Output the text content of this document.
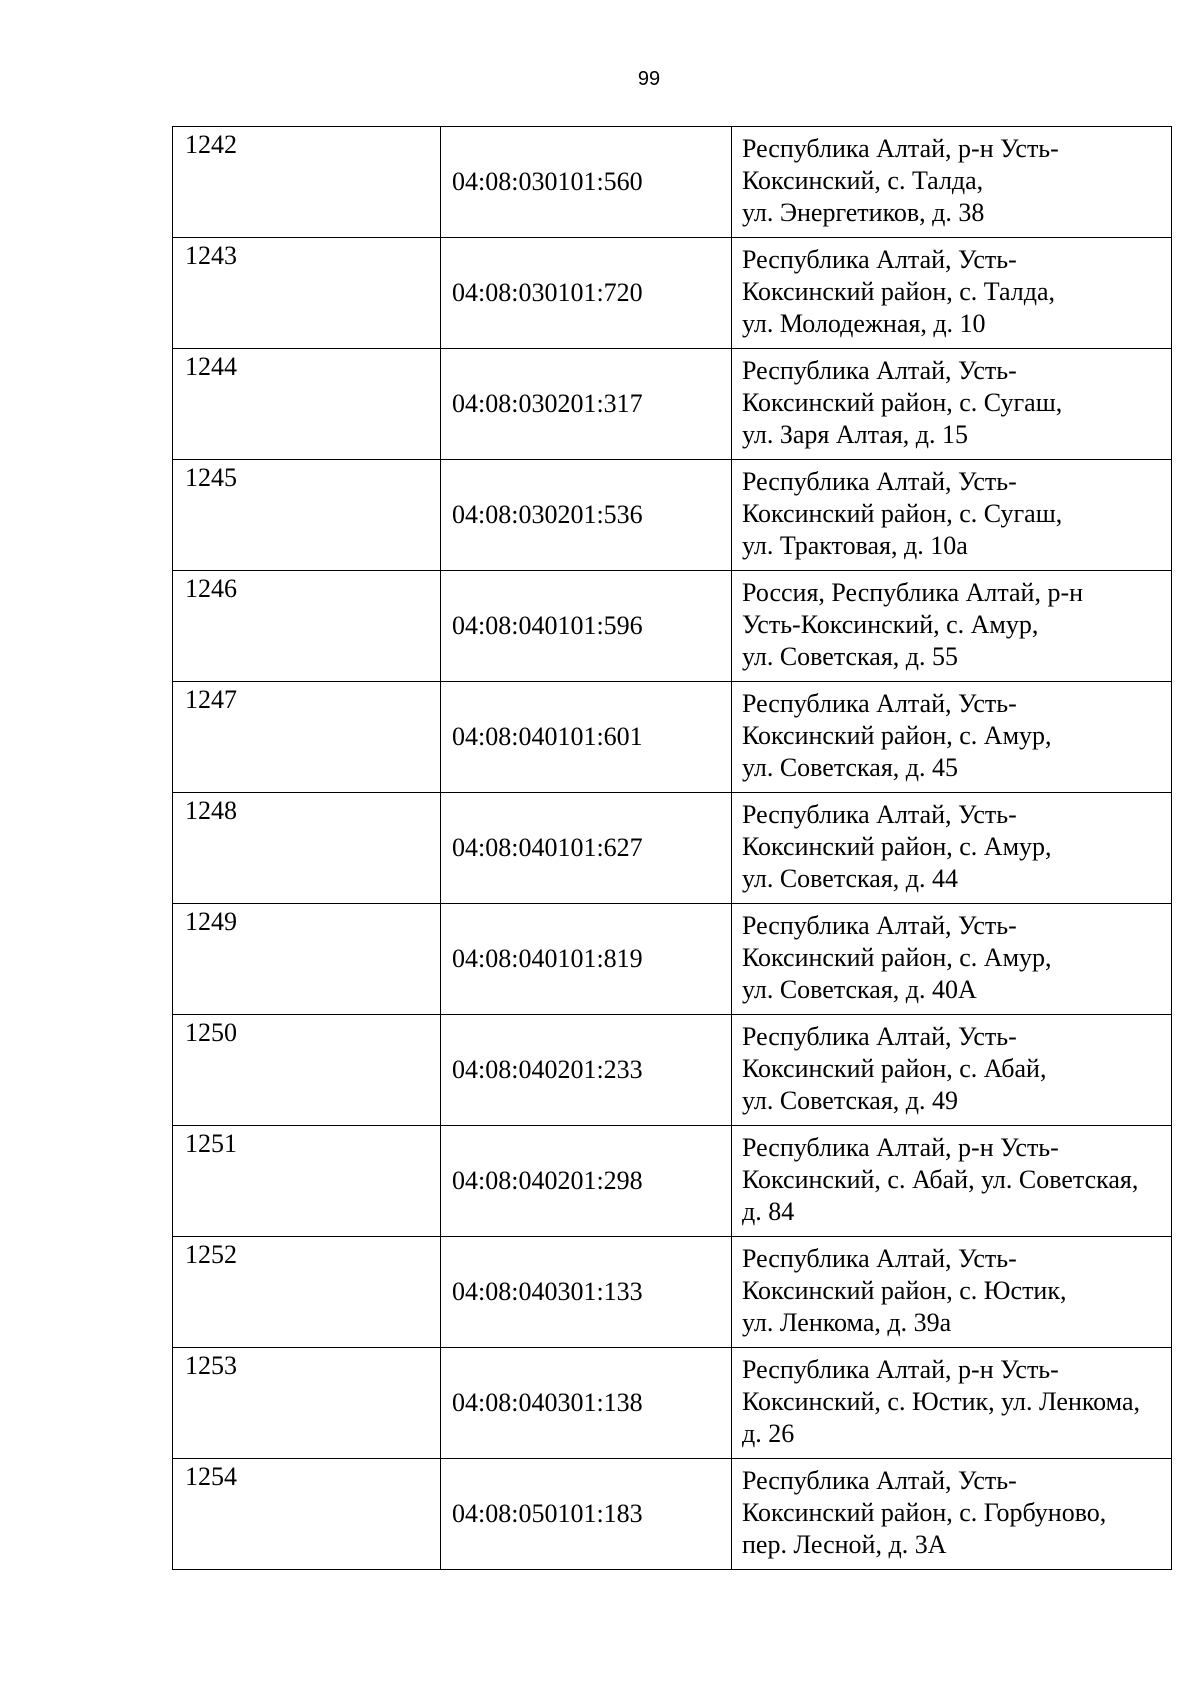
99
1242	04:08:030101:560	Республика Алтай, р-н Усть-
Коксинский, с. Талда,
ул. Энергетиков, д. 38

1243	04:08:030101:720	Республика Алтай, Усть-
Коксинский район, с. Талда,
ул. Молодежная, д. 10

1244	04:08:030201:317	Республика Алтай, Усть-
Коксинский район, с. Сугаш,
ул. Заря Алтая, д. 15

1245	04:08:030201:536	Республика Алтай, Усть-
Коксинский район, с. Сугаш,
ул. Трактовая, д. 10а

1246	04:08:040101:596	Россия, Республика Алтай, р-н
Усть-Коксинский, с. Амур,
ул. Советская, д. 55

1247	04:08:040101:601	Республика Алтай, Усть-
Коксинский район, с. Амур,
ул. Советская, д. 45

1248	04:08:040101:627	Республика Алтай, Усть-
Коксинский район, с. Амур,
ул. Советская, д. 44

1249	04:08:040101:819	Республика Алтай, Усть-
Коксинский район, с. Амур,
ул. Советская, д. 40А

1250	04:08:040201:233	Республика Алтай, Усть-
Коксинский район, с. Абай,
ул. Советская, д. 49

1251	04:08:040201:298	Республика Алтай, р-н Усть-
Коксинский, с. Абай, ул. Советская,
д. 84

1252	04:08:040301:133	Республика Алтай, Усть-
Коксинский район, с. Юстик,
ул. Ленкома, д. 39а

1253	04:08:040301:138	Республика Алтай, р-н Усть-
Коксинский, с. Юстик, ул. Ленкома,
д. 26

1254	04:08:050101:183	Республика Алтай, Усть-
Коксинский район, с. Горбуново,
пер. Лесной, д. 3А
